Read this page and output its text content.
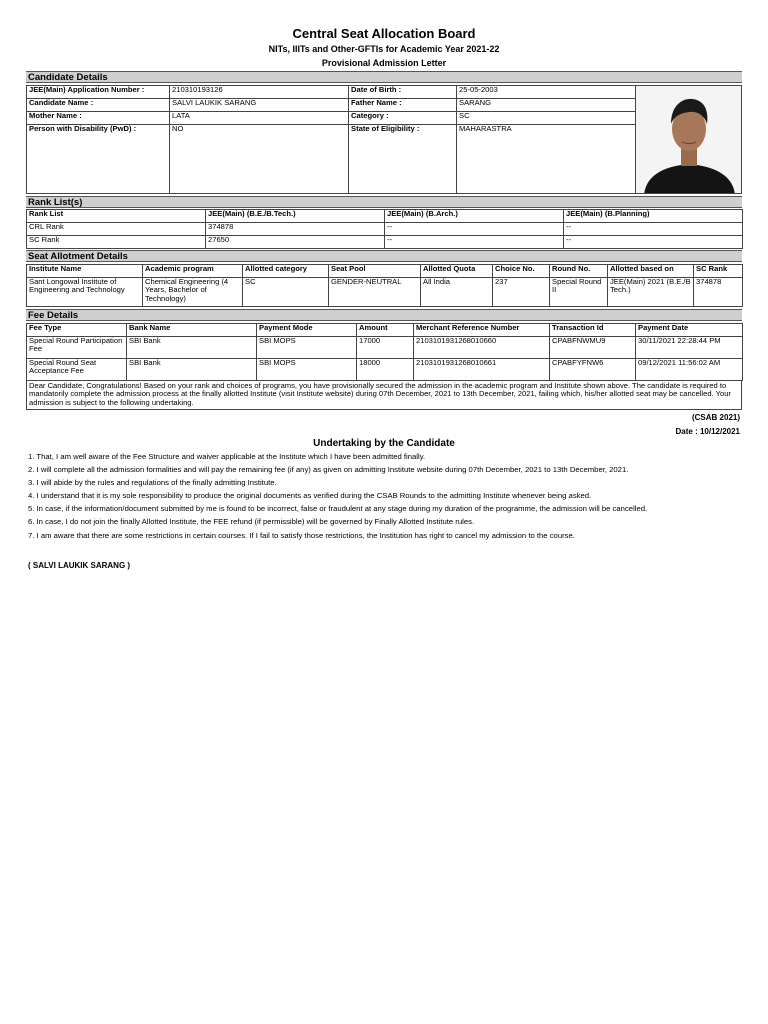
Central Seat Allocation Board
NITs, IIITs and Other-GFTIs for Academic Year 2021-22
Provisional Admission Letter
Candidate Details
JEE(Main) Application Number :	210310193126	Date of Birth :	25-05-2003
Candidate Name :	SALVI LAUKIK SARANG	Father Name :	SARANG
Mother Name :	LATA	Category :	SC
Person with Disability (PwD) :	NO	State of Eligibility :	MAHARASTRA
Rank List(s)
Rank List	JEE(Main) (B.E./B.Tech.)	JEE(Main) (B.Arch.)	JEE(Main) (B.Planning)
CRL Rank	374878	--	--
SC Rank	27650	--	--
Seat Allotment Details
Institute Name	Academic program	Allotted category	Seat Pool	Allotted Quota	Choice No.	Round No.	Allotted based on	SC Rank
Sant Longowal Institute of Engineering and Technology	Chemical Engineering (4 Years, Bachelor of Technology)	SC	GENDER-NEUTRAL	All India	237	Special Round II	JEE(Main) 2021 (B.E./B Tech.)	374878
Fee Details
Fee Type	Bank Name	Payment Mode	Amount	Merchant Reference Number	Transaction Id	Payment Date
Special Round Participation Fee	SBI Bank	SBI MOPS	17000	2103101931268010660	CPABFNWMU9	30/11/2021 22:28:44 PM
Special Round Seat Acceptance Fee	SBI Bank	SBI MOPS	18000	2103101931268010661	CPABFYFNW6	09/12/2021 11:56:02 AM
Dear Candidate, Congratulations! Based on your rank and choices of programs, you have provisionally secured the admission in the academic program and Institute shown above. The candidate is required to mandatorily complete the admission process at the finally allotted Institute (visit Institute website) during 07th December, 2021 to 13th December, 2021, failing which, his/her allotted seat may be cancelled. Your admission is subject to the following undertaking.
(CSAB 2021)
Date : 10/12/2021
Undertaking by the Candidate
1. That, I am well aware of the Fee Structure and waiver applicable at the Institute which I have been admitted finally.
2. I will complete all the admission formalities and will pay the remaining fee (if any) as given on admitting Institute website during 07th December, 2021 to 13th December, 2021.
3. I will abide by the rules and regulations of the finally admitting Institute.
4. I understand that it is my sole responsibility to produce the original documents as verified during the CSAB Rounds to the admitting Institute whenever being asked.
5. In case, if the information/document submitted by me is found to be incorrect, false or fraudulent at any stage during my duration of the programme, the admission will be cancelled.
6. In case, I do not join the finally Allotted Institute, the FEE refund (if permissible) will be governed by Finally Allotted Institute rules.
7. I am aware that there are some restrictions in certain courses. If I fail to satisfy those restrictions, the Institution has right to cancel my admission to the course.
( SALVI LAUKIK SARANG )
